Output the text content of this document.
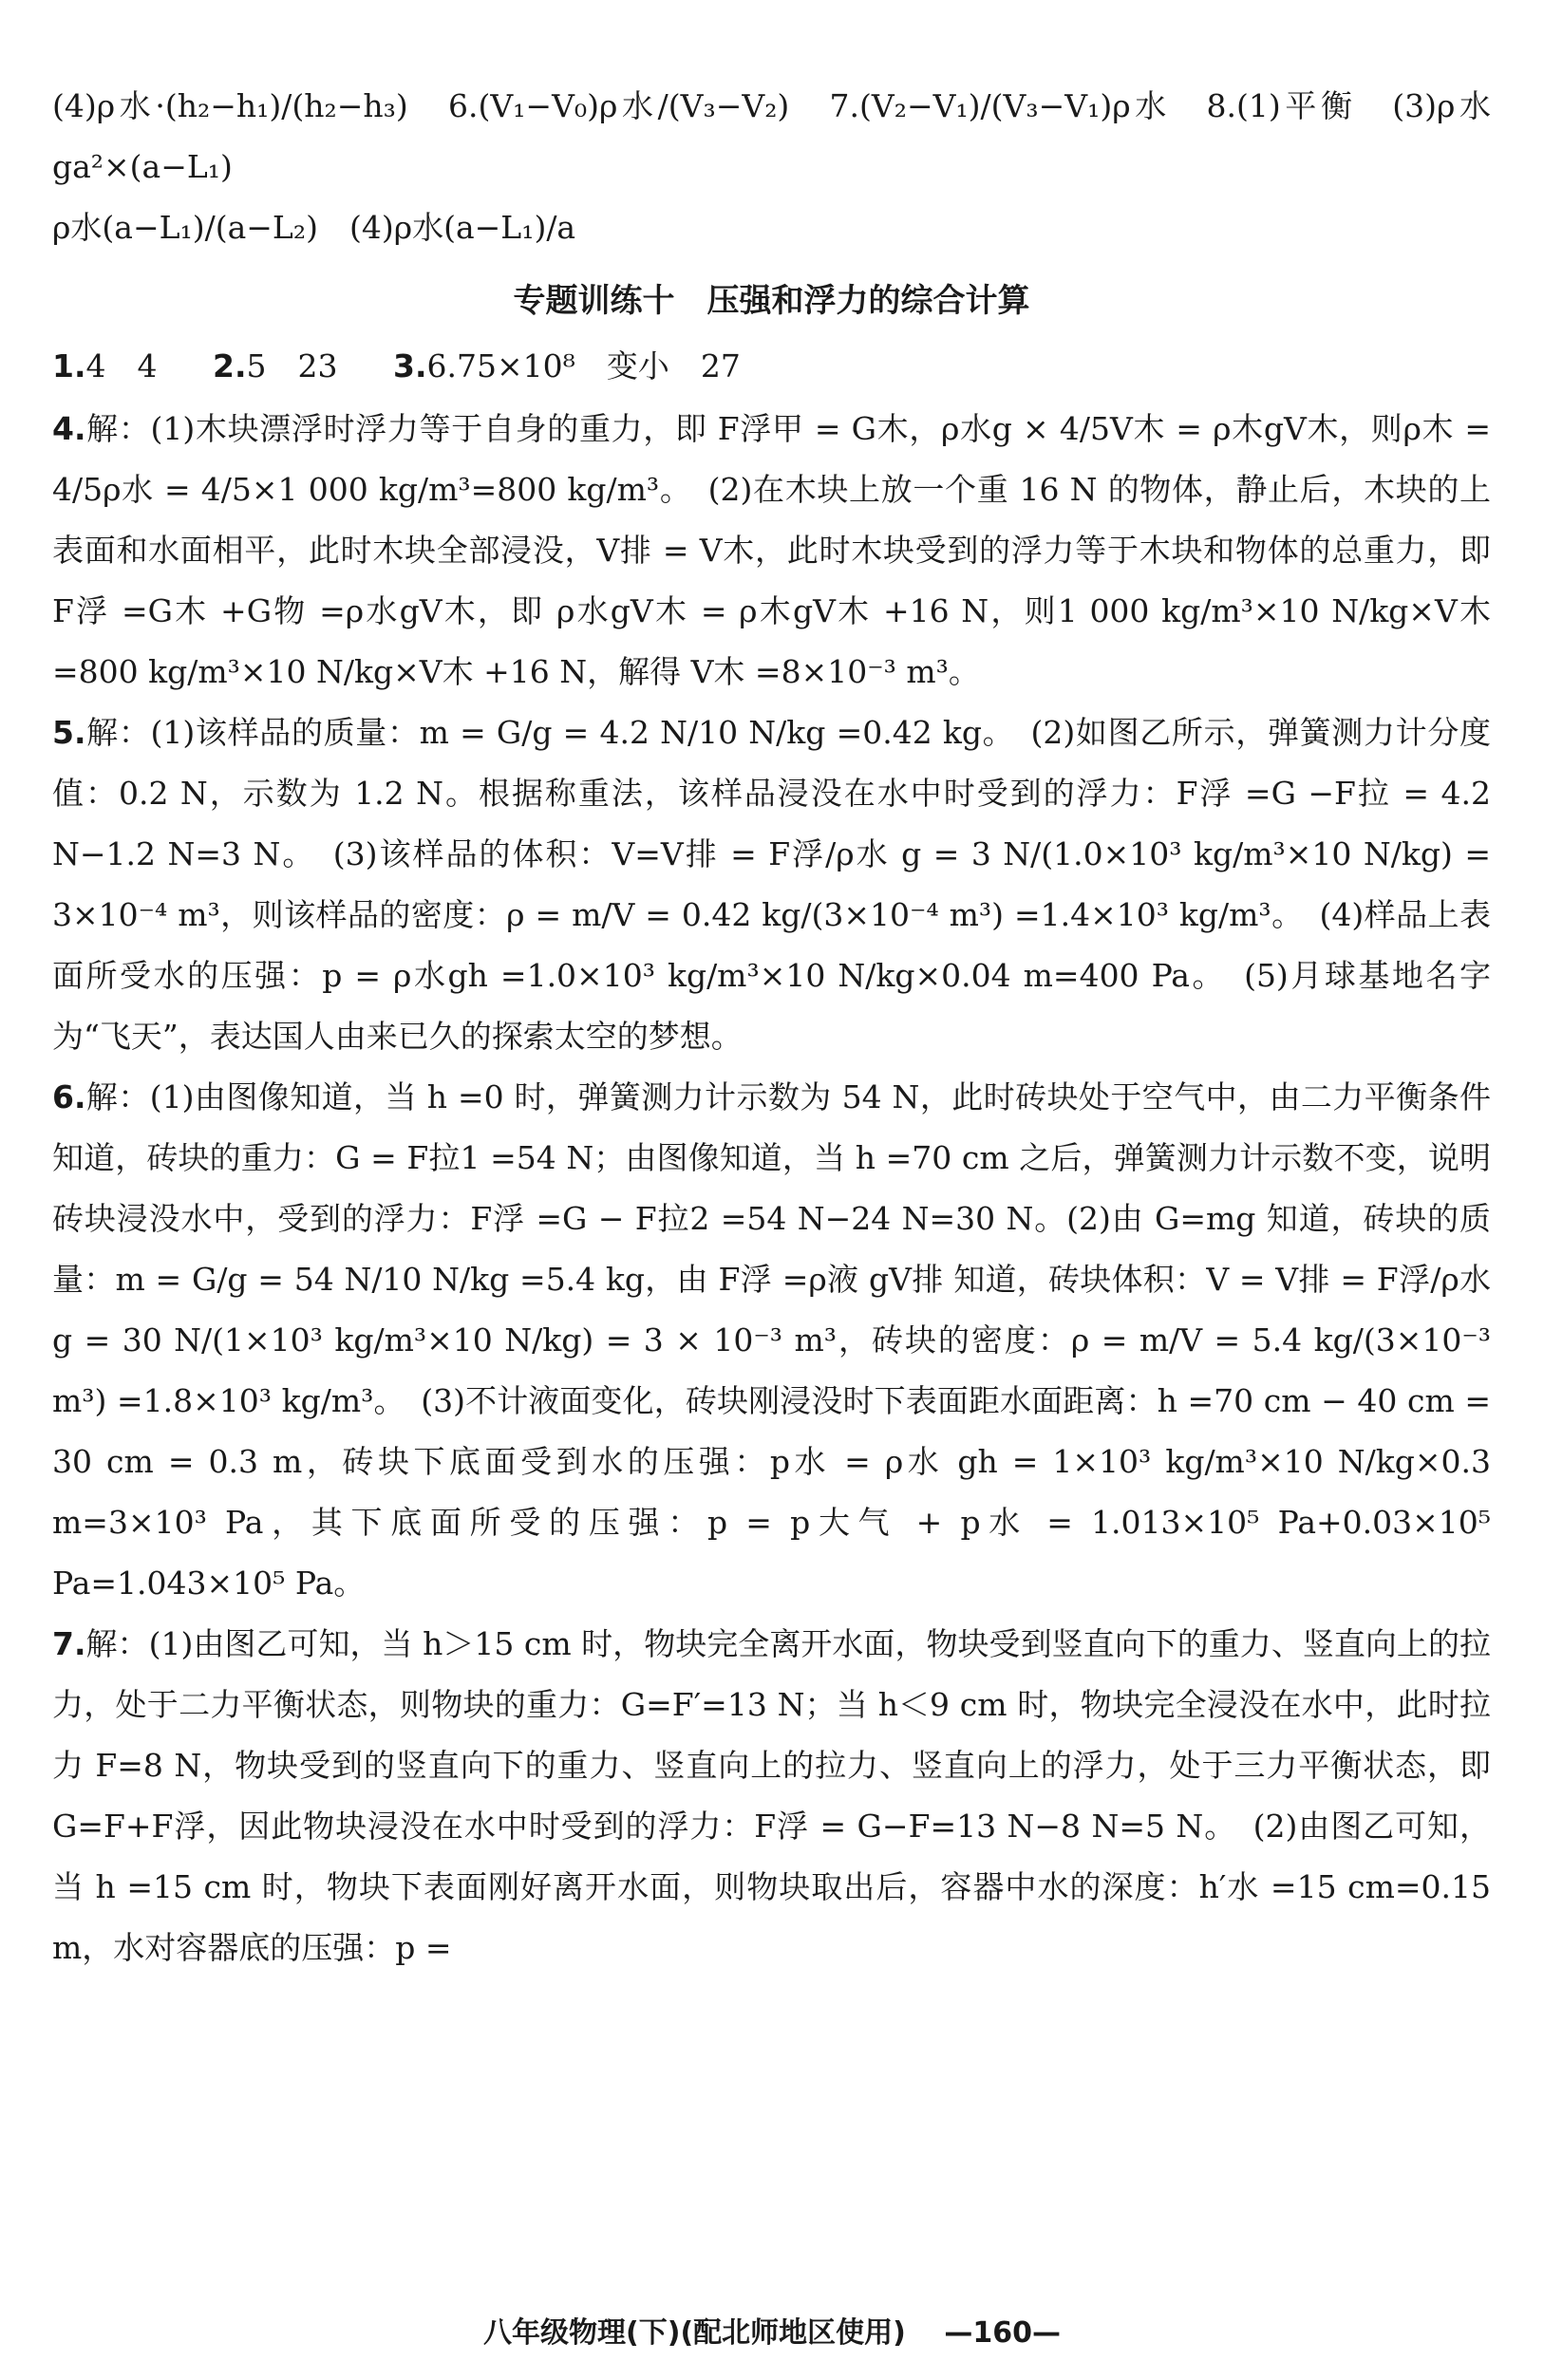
(4)ρ水·(h₂−h₁)/(h₂−h₃)　6.(V₁−V₀)ρ水/(V₃−V₂)　7.(V₂−V₁)/(V₃−V₁)ρ水　8.(1)平衡　(3)ρ水 ga²×(a−L₁)

ρ水(a−L₁)/(a−L₂)　(4)ρ水(a−L₁)/a

专题训练十　压强和浮力的综合计算

1.4　4 2.5　23 3.6.75×10⁸　变小　27

4.解：(1)木块漂浮时浮力等于自身的重力，即 F浮甲 = G木，ρ水g × 4/5V木 = ρ木gV木，则ρ木 = 4/5ρ水 = 4/5×1 000 kg/m³=800 kg/m³。　(2)在木块上放一个重 16 N 的物体，静止后，木块的上表面和水面相平，此时木块全部浸没，V排 = V木，此时木块受到的浮力等于木块和物体的总重力，即 F浮 =G木 +G物 =ρ水gV木，即 ρ水gV木 = ρ木gV木 +16 N，则1 000 kg/m³×10 N/kg×V木 =800 kg/m³×10 N/kg×V木 +16 N，解得 V木 =8×10⁻³ m³。

5.解：(1)该样品的质量：m = G/g = 4.2 N/10 N/kg =0.42 kg。　(2)如图乙所示，弹簧测力计分度值：0.2 N，示数为 1.2 N。根据称重法，该样品浸没在水中时受到的浮力：F浮 =G −F拉 = 4.2 N−1.2 N=3 N。　(3)该样品的体积：V=V排 = F浮/ρ水 g = 3 N/(1.0×10³ kg/m³×10 N/kg) = 3×10⁻⁴ m³，则该样品的密度：ρ = m/V = 0.42 kg/(3×10⁻⁴ m³) =1.4×10³ kg/m³。　(4)样品上表面所受水的压强：p = ρ水gh =1.0×10³ kg/m³×10 N/kg×0.04 m=400 Pa。　(5)月球基地名字为“飞天”，表达国人由来已久的探索太空的梦想。

6.解：(1)由图像知道，当 h =0 时，弹簧测力计示数为 54 N，此时砖块处于空气中，由二力平衡条件知道，砖块的重力：G = F拉1 =54 N；由图像知道，当 h =70 cm 之后，弹簧测力计示数不变，说明砖块浸没水中，受到的浮力：F浮 =G − F拉2 =54 N−24 N=30 N。(2)由 G=mg 知道，砖块的质量：m = G/g = 54 N/10 N/kg =5.4 kg，由 F浮 =ρ液 gV排 知道，砖块体积：V = V排 = F浮/ρ水 g = 30 N/(1×10³ kg/m³×10 N/kg) = 3 × 10⁻³ m³，砖块的密度：ρ = m/V = 5.4 kg/(3×10⁻³ m³) =1.8×10³ kg/m³。　(3)不计液面变化，砖块刚浸没时下表面距水面距离：h =70 cm − 40 cm = 30 cm = 0.3 m，砖块下底面受到水的压强：p水 = ρ水 gh = 1×10³ kg/m³×10 N/kg×0.3 m=3×10³ Pa，其下底面所受的压强：p = p大气 + p水 = 1.013×10⁵ Pa+0.03×10⁵ Pa=1.043×10⁵ Pa。

7.解：(1)由图乙可知，当 h＞15 cm 时，物块完全离开水面，物块受到竖直向下的重力、竖直向上的拉力，处于二力平衡状态，则物块的重力：G=F′=13 N；当 h＜9 cm 时，物块完全浸没在水中，此时拉力 F=8 N，物块受到的竖直向下的重力、竖直向上的拉力、竖直向上的浮力，处于三力平衡状态，即 G=F+F浮，因此物块浸没在水中时受到的浮力：F浮 = G−F=13 N−8 N=5 N。　(2)由图乙可知，当 h =15 cm 时，物块下表面刚好离开水面，则物块取出后，容器中水的深度：h′水 =15 cm=0.15 m，水对容器底的压强：p =

八年级物理(下)(配北师地区使用) —160—
